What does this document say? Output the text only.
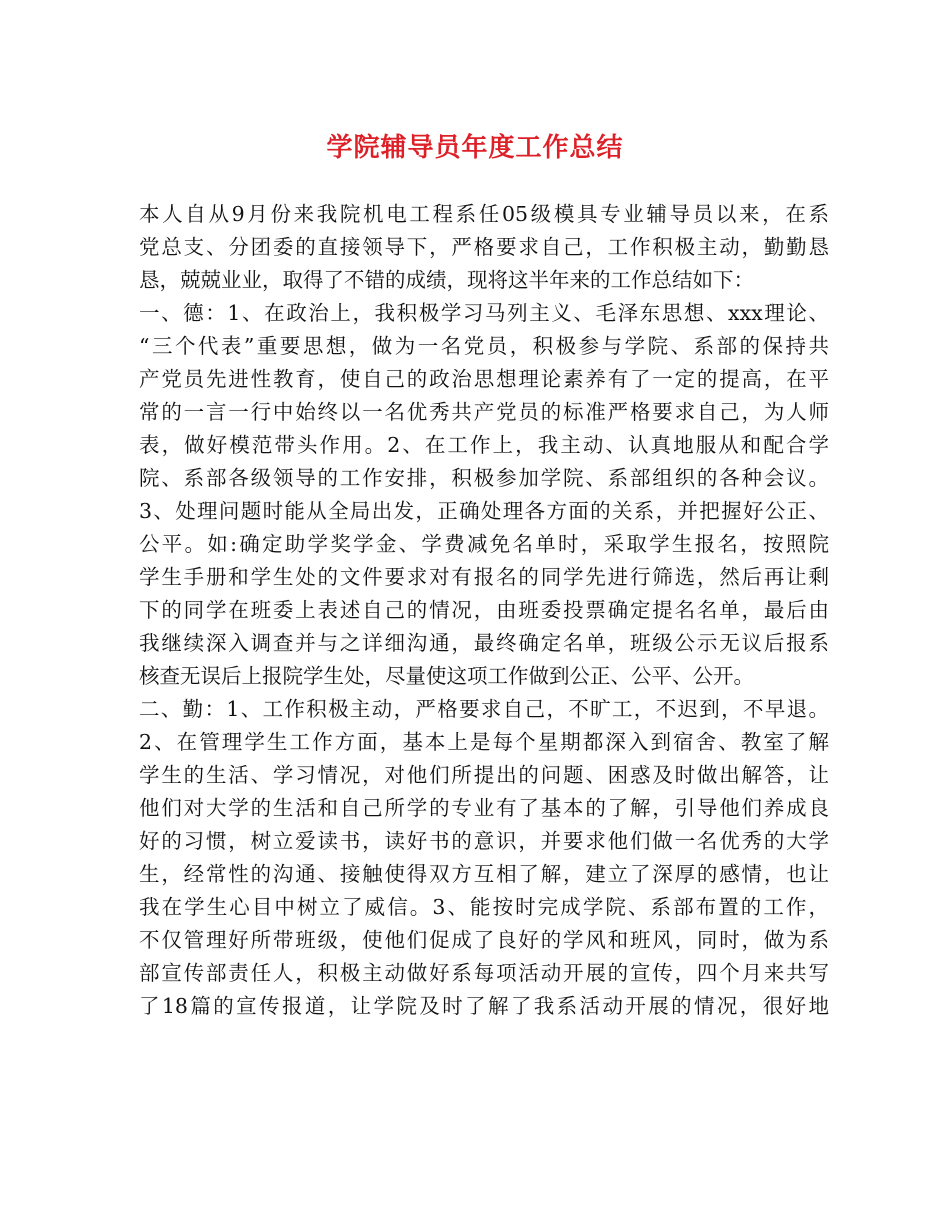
学院辅导员年度工作总结
本人自从9月份来我院机电工程系任05级模具专业辅导员以来，在系
党总支、分团委的直接领导下，严格要求自己，工作积极主动，勤勤恳
恳，兢兢业业，取得了不错的成绩，现将这半年来的工作总结如下：
一、德：1、在政治上，我积极学习马列主义、毛泽东思想、xxx理论、
“三个代表”重要思想，做为一名党员，积极参与学院、系部的保持共
产党员先进性教育，使自己的政治思想理论素养有了一定的提高，在平
常的一言一行中始终以一名优秀共产党员的标准严格要求自己，为人师
表，做好模范带头作用。2、在工作上，我主动、认真地服从和配合学
院、系部各级领导的工作安排，积极参加学院、系部组织的各种会议。
3、处理问题时能从全局出发，正确处理各方面的关系，并把握好公正、
公平。如:确定助学奖学金、学费减免名单时，采取学生报名，按照院
学生手册和学生处的文件要求对有报名的同学先进行筛选，然后再让剩
下的同学在班委上表述自己的情况，由班委投票确定提名名单，最后由
我继续深入调查并与之详细沟通，最终确定名单，班级公示无议后报系
核查无误后上报院学生处，尽量使这项工作做到公正、公平、公开。
二、勤：1、工作积极主动，严格要求自己，不旷工，不迟到，不早退。
2、在管理学生工作方面，基本上是每个星期都深入到宿舍、教室了解
学生的生活、学习情况，对他们所提出的问题、困惑及时做出解答，让
他们对大学的生活和自己所学的专业有了基本的了解，引导他们养成良
好的习惯，树立爱读书，读好书的意识，并要求他们做一名优秀的大学
生，经常性的沟通、接触使得双方互相了解，建立了深厚的感情，也让
我在学生心目中树立了威信。3、能按时完成学院、系部布置的工作，
不仅管理好所带班级，使他们促成了良好的学风和班风，同时，做为系
部宣传部责任人，积极主动做好系每项活动开展的宣传，四个月来共写
了18篇的宣传报道，让学院及时了解了我系活动开展的情况，很好地
